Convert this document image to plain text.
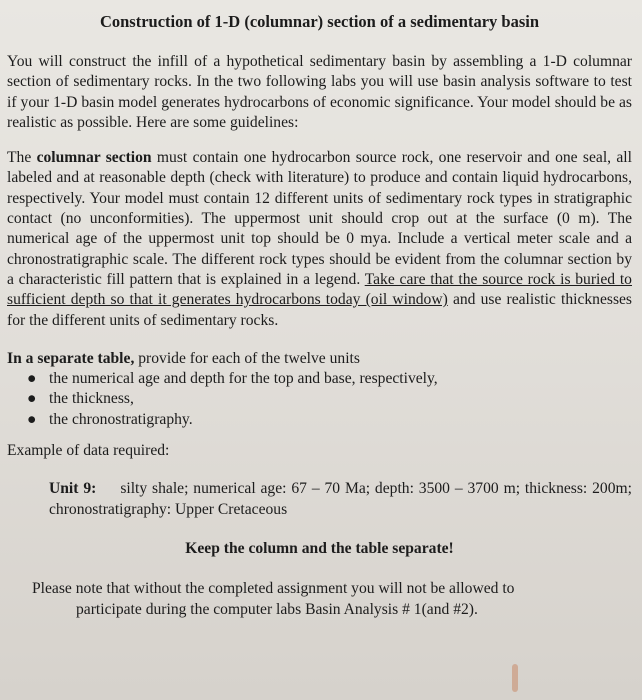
Construction of 1-D (columnar) section of a sedimentary basin

You will construct the infill of a hypothetical sedimentary basin by assembling a 1-D columnar section of sedimentary rocks. In the two following labs you will use basin analysis software to test if your 1-D basin model generates hydrocarbons of economic significance. Your model should be as realistic as possible. Here are some guidelines:

The columnar section must contain one hydrocarbon source rock, one reservoir and one seal, all labeled and at reasonable depth (check with literature) to produce and contain liquid hydrocarbons, respectively. Your model must contain 12 different units of sedimentary rock types in stratigraphic contact (no unconformities). The uppermost unit should crop out at the surface (0 m). The numerical age of the uppermost unit top should be 0 mya. Include a vertical meter scale and a chronostratigraphic scale. The different rock types should be evident from the columnar section by a characteristic fill pattern that is explained in a legend. Take care that the source rock is buried to sufficient depth so that it generates hydrocarbons today (oil window) and use realistic thicknesses for the different units of sedimentary rocks.

In a separate table, provide for each of the twelve units

● the numerical age and depth for the top and base, respectively,
● the thickness,
● the chronostratigraphy.
Example of data required:
Unit 9: silty shale; numerical age: 67 – 70 Ma; depth: 3500 – 3700 m; thickness: 200m; chronostratigraphy: Upper Cretaceous
Keep the column and the table separate!
Please note that without the completed assignment you will not be allowed to
participate during the computer labs Basin Analysis # 1(and #2).
